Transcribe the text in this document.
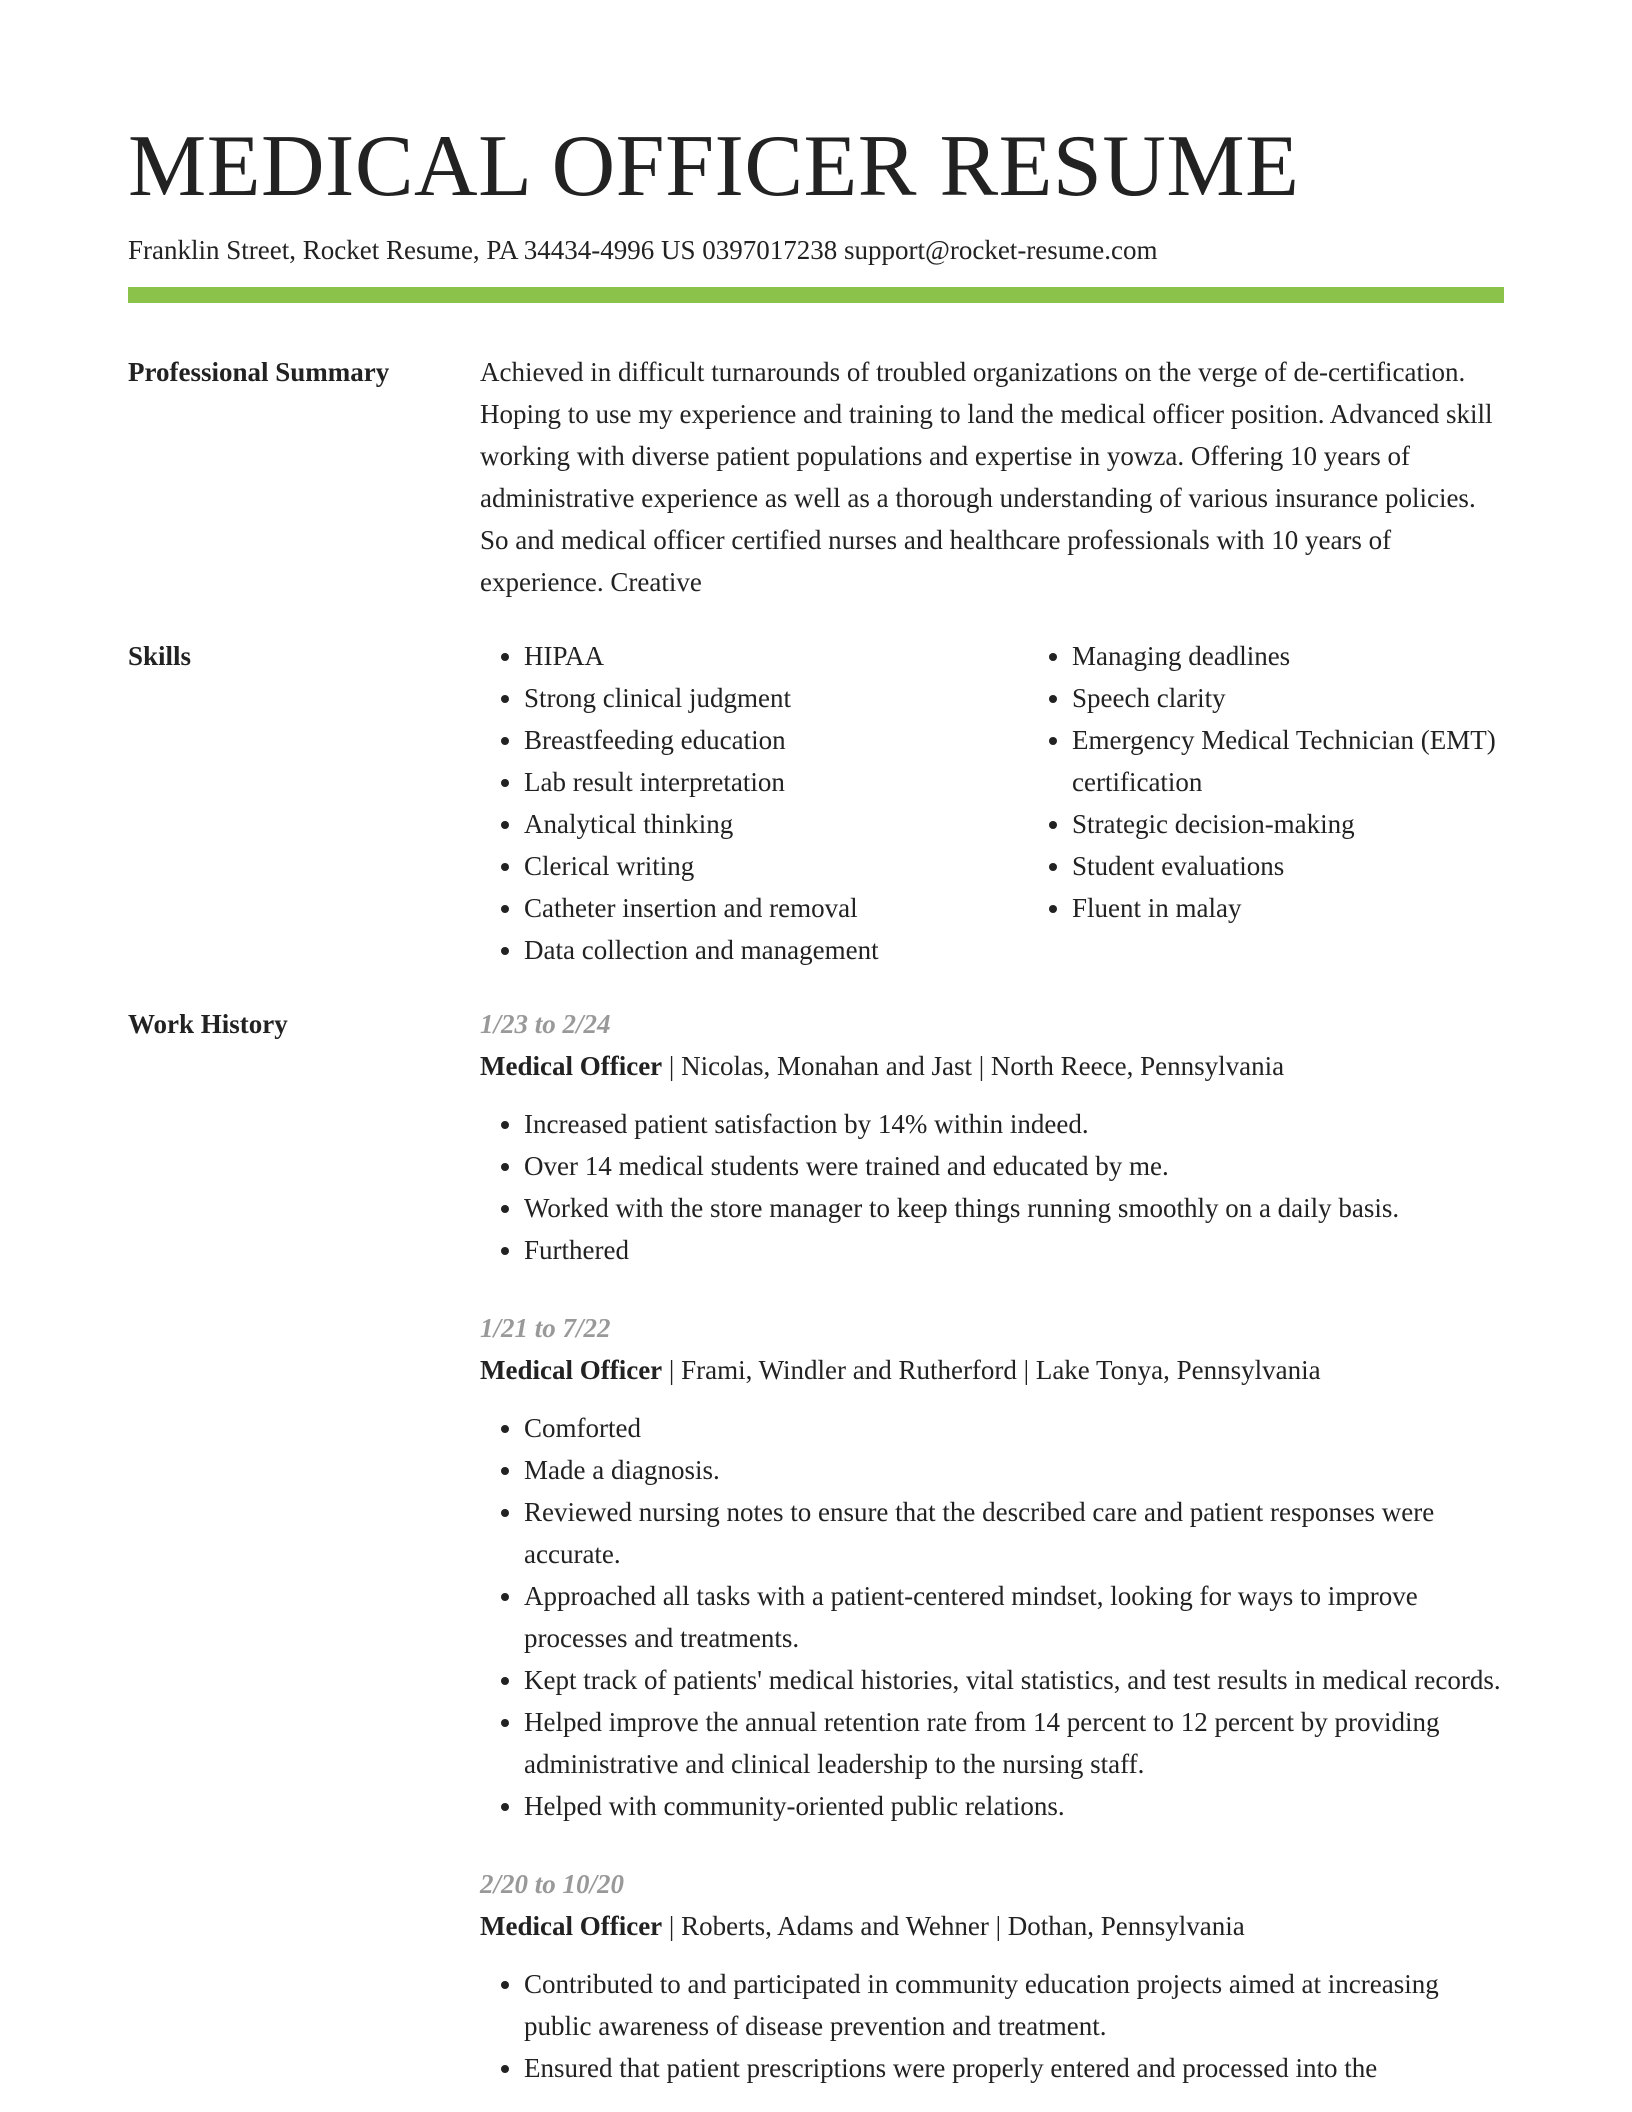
MEDICAL OFFICER RESUME
Franklin Street, Rocket Resume, PA 34434-4996 US 0397017238 support@rocket-resume.com
Professional Summary	Achieved in difficult turnarounds of troubled organizations on the verge of de-certification. Hoping to use my experience and training to land the medical officer position. Advanced skill working with diverse patient populations and expertise in yowza. Offering 10 years of administrative experience as well as a thorough understanding of various insurance policies. So and medical officer certified nurses and healthcare professionals with 10 years of experience. Creative

Skills
•	HIPAA
• Strong clinical judgment
• Breastfeeding education
• Lab result interpretation
• Analytical thinking
• Clerical writing
• Catheter insertion and removal
• Data collection and management
• Managing deadlines
• Speech clarity
• Emergency Medical Technician (EMT) certification
• Strategic decision-making
• Student evaluations
• Fluent in malay
Work History	1/23 to 2/24
Medical Officer | Nicolas, Monahan and Jast | North Reece, Pennsylvania
• Increased patient satisfaction by 14% within indeed.
• Over 14 medical students were trained and educated by me.
• Worked with the store manager to keep things running smoothly on a daily basis.
• Furthered
1/21 to 7/22
Medical Officer | Frami, Windler and Rutherford | Lake Tonya, Pennsylvania
• Comforted
• Made a diagnosis.
• Reviewed nursing notes to ensure that the described care and patient responses were accurate.
• Approached all tasks with a patient-centered mindset, looking for ways to improve processes and treatments.
• Kept track of patients' medical histories, vital statistics, and test results in medical records.
• Helped improve the annual retention rate from 14 percent to 12 percent by providing administrative and clinical leadership to the nursing staff.
• Helped with community-oriented public relations.
2/20 to 10/20
Medical Officer | Roberts, Adams and Wehner | Dothan, Pennsylvania
• Contributed to and participated in community education projects aimed at increasing public awareness of disease prevention and treatment.
• Ensured that patient prescriptions were properly entered and processed into the
